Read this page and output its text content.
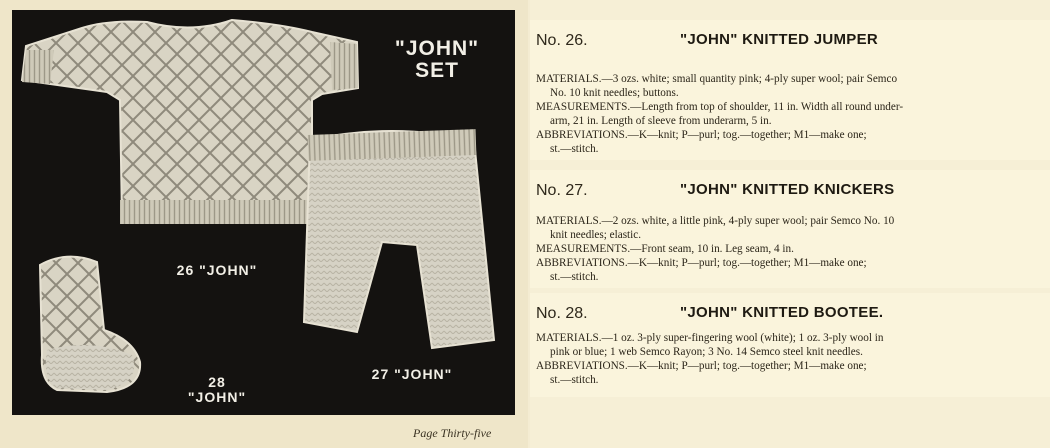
"JOHN" SET
26 "JOHN"
27 "JOHN"
28 "JOHN"
Page Thirty-five
No. 26.	"JOHN" KNITTED JUMPER

MATERIALS.—3 ozs. white; small quantity pink; 4-ply super wool; pair Semco

No. 10 knit needles; buttons.

MEASUREMENTS.—Length from top of shoulder, 11 in. Width all round under-

arm, 21 in. Length of sleeve from underarm, 5 in.

ABBREVIATIONS.—K—knit; P—purl; tog.—together; M1—make one;

st.—stitch.

No. 27.	"JOHN" KNITTED KNICKERS

MATERIALS.—2 ozs. white, a little pink, 4-ply super wool; pair Semco No. 10

knit needles; elastic.

MEASUREMENTS.—Front seam, 10 in. Leg seam, 4 in.

ABBREVIATIONS.—K—knit; P—purl; tog.—together; M1—make one;

st.—stitch.

No. 28.	"JOHN" KNITTED BOOTEE.

MATERIALS.—1 oz. 3-ply super-fingering wool (white); 1 oz. 3-ply wool in

pink or blue; 1 web Semco Rayon; 3 No. 14 Semco steel knit needles.

ABBREVIATIONS.—K—knit; P—purl; tog.—together; M1—make one;

st.—stitch.
